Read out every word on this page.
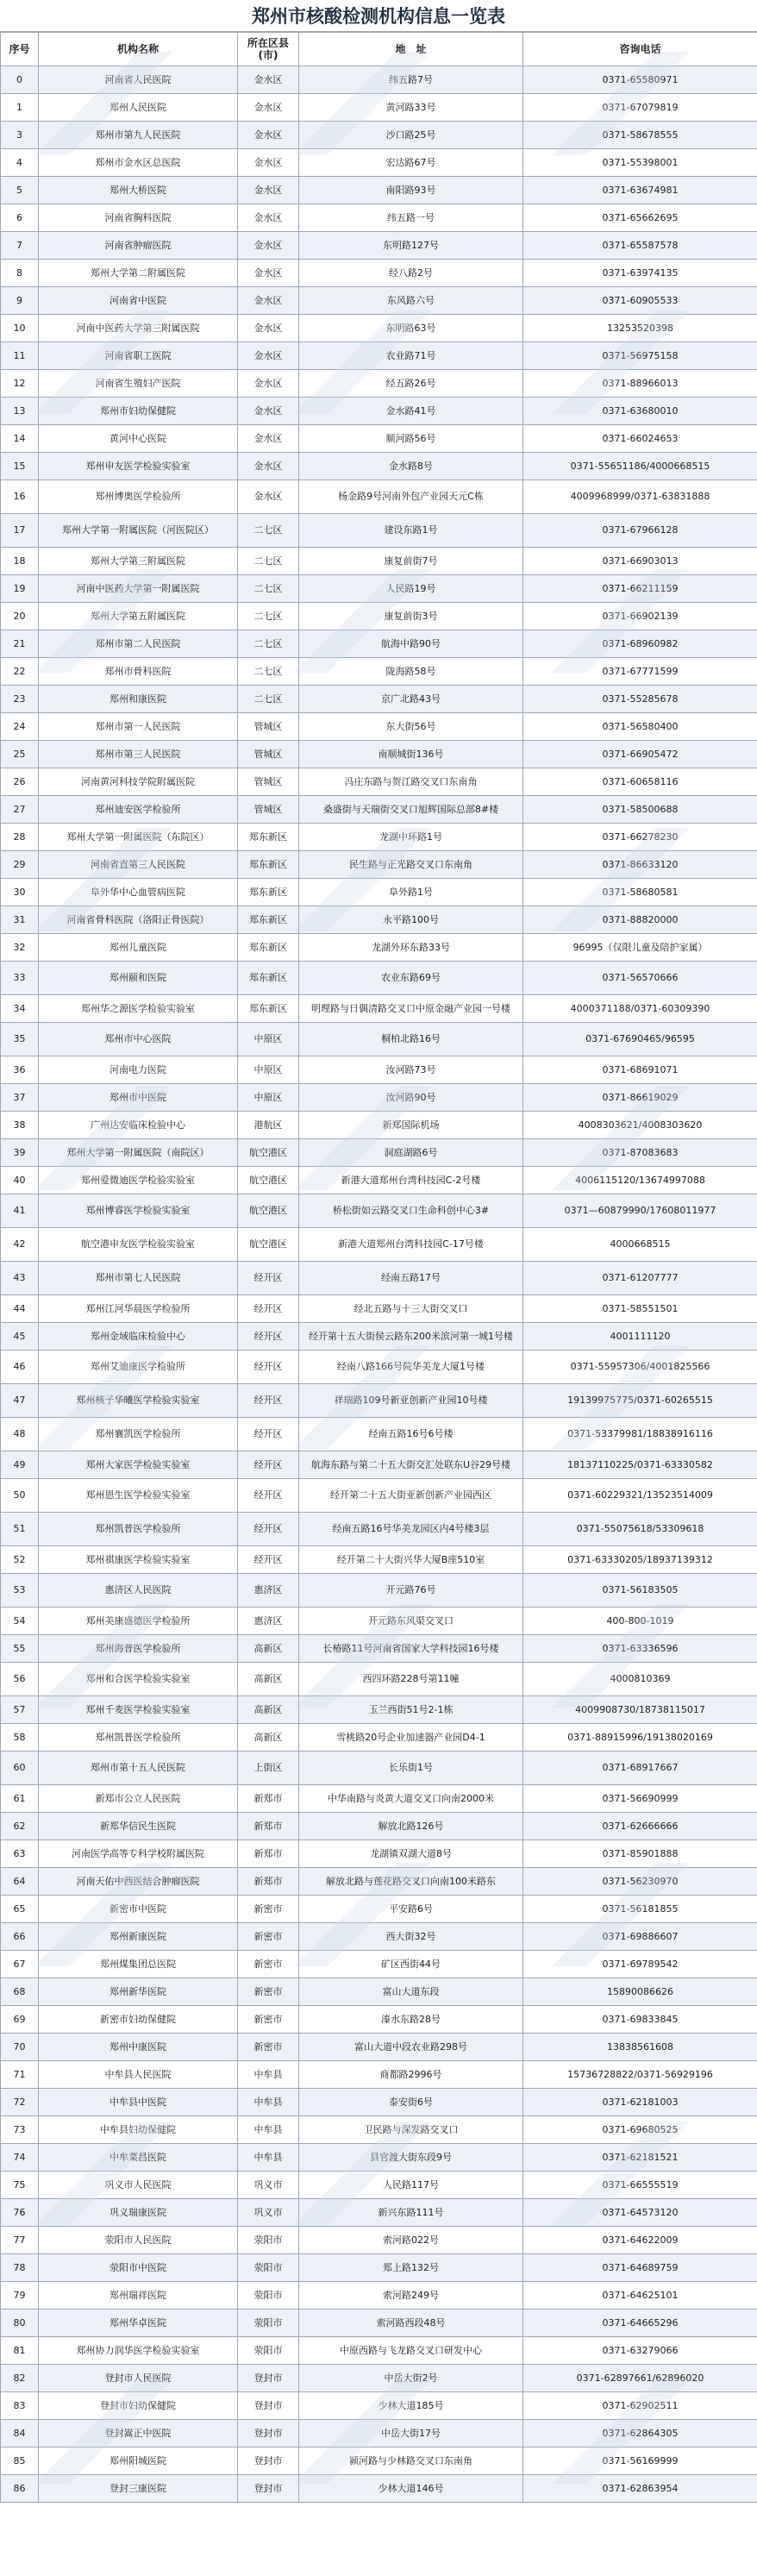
郑州市核酸检测机构信息一览表
序号	机构名称	所在区县(市)	地　址	咨询电话
0	河南省人民医院	金水区	纬五路7号	0371-65580971
1	郑州人民医院	金水区	黄河路33号	0371-67079819
3	郑州市第九人民医院	金水区	沙口路25号	0371-58678555
4	郑州市金水区总医院	金水区	宏达路67号	0371-55398001
5	郑州大桥医院	金水区	南阳路93号	0371-63674981
6	河南省胸科医院	金水区	纬五路一号	0371-65662695
7	河南省肿瘤医院	金水区	东明路127号	0371-65587578
8	郑州大学第二附属医院	金水区	经八路2号	0371-63974135
9	河南省中医院	金水区	东风路六号	0371-60905533
10	河南中医药大学第三附属医院	金水区	东明路63号	13253520398
11	河南省职工医院	金水区	农业路71号	0371-56975158
12	河南省生殖妇产医院	金水区	经五路26号	0371-88966013
13	郑州市妇幼保健院	金水区	金水路41号	0371-63680010
14	黄河中心医院	金水区	顺河路56号	0371-66024653
15	郑州申友医学检验实验室	金水区	金水路8号	0371-55651186/4000668515
16	郑州博奥医学检验所	金水区	杨金路9号河南外包产业园天元C栋	4009968999/0371-63831888
17	郑州大学第一附属医院（河医院区）	二七区	建设东路1号	0371-67966128
18	郑州大学第三附属医院	二七区	康复前街7号	0371-66903013
19	河南中医药大学第一附属医院	二七区	人民路19号	0371-66211159
20	郑州大学第五附属医院	二七区	康复前街3号	0371-66902139
21	郑州市第二人民医院	二七区	航海中路90号	0371-68960982
22	郑州市骨科医院	二七区	陇海路58号	0371-67771599
23	郑州和康医院	二七区	京广北路43号	0371-55285678
24	郑州市第一人民医院	管城区	东大街56号	0371-56580400
25	郑州市第三人民医院	管城区	南顺城街136号	0371-66905472
26	河南黄河科技学院附属医院	管城区	冯庄东路与贺江路交叉口东南角	0371-60658116
27	郑州迪安医学检验所	管城区	桑盛街与天瑞街交叉口旭辉国际总部8#楼	0371-58500688
28	郑州大学第一附属医院（东院区）	郑东新区	龙湖中环路1号	0371-66278230
29	河南省直第三人民医院	郑东新区	民生路与正光路交叉口东南角	0371-86633120
30	阜外华中心血管病医院	郑东新区	阜外路1号	0371-58680581
31	河南省骨科医院（洛阳正骨医院）	郑东新区	永平路100号	0371-88820000
32	郑州儿童医院	郑东新区	龙湖外环东路33号	96995（仅限儿童及陪护家属）
33	郑州颐和医院	郑东新区	农业东路69号	0371-56570666
34	郑州华之源医学检验实验室	郑东新区	明理路与日偶清路交叉口中原金融产业园一号楼	4000371188/0371-60309390
35	郑州市中心医院	中原区	桐柏北路16号	0371-67690465/96595
36	河南电力医院	中原区	汝河路73号	0371-68691071
37	郑州市中医院	中原区	汝河路90号	0371-86619029
38	广州达安临床检验中心	港航区	新郑国际机场	4008303621/4008303620
39	郑州大学第一附属医院（南院区）	航空港区	洞庭湖路6号	0371-87083683
40	郑州爱微迪医学检验实验室	航空港区	新港大道郑州台湾科技园C-2号楼	4006115120/13674997088
41	郑州博睿医学检验实验室	航空港区	桥松街如云路交叉口生命科创中心3#	0371—60879990/17608011977
42	航空港申友医学检验实验室	航空港区	新港大道郑州台湾科技园C-17号楼	4000668515
43	郑州市第七人民医院	经开区	经南五路17号	0371-61207777
44	郑州江河华晨医学检验所	经开区	经北五路与十三大街交叉口	0371-58551501
45	郑州金域临床检验中心	经开区	经开第十五大街侯云路东200米滨河第一城1号楼	4001111120
46	郑州艾迪康医学检验所	经开区	经南八路166号院华美龙大厦1号楼	0371-55957306/4001825566
47	郑州核子华曦医学检验实验室	经开区	祥瑞路109号新亚创新产业园10号楼	19139975775/0371-60265515
48	郑州襄凯医学检验所	经开区	经南五路16号6号楼	0371-53379981/18838916116
49	郑州大家医学检验实验室	经开区	航海东路与第二十五大街交汇处联东U谷29号楼	18137110225/0371-63330582
50	郑州恩生医学检验实验室	经开区	经开第二十五大街亚新创新产业园西区	0371-60229321/13523514009
51	郑州凯普医学检验所	经开区	经南五路16号华美龙园区内4号楼3层	0371-55075618/53309618
52	郑州祺康医学检验实验室	经开区	经开第二十大街兴华大厦B座510室	0371-63330205/18937139312
53	惠济区人民医院	惠济区	开元路76号	0371-56183505
54	郑州美康盛德医学检验所	惠济区	开元路东风渠交叉口	400-800-1019
55	郑州海普医学检验所	高新区	长椿路11号河南省国家大学科技园16号楼	0371-63336596
56	郑州和合医学检验实验室	高新区	西四环路228号第11幢	4000810369
57	郑州千麦医学检验实验室	高新区	玉兰西街51号2-1栋	4009908730/18738115017
58	郑州凯普医学检验所	高新区	雪桃路20号企业加速器产业园D4-1	0371-88915996/19138020169
60	郑州市第十五人民医院	上街区	长乐街1号	0371-68917667
61	新郑市公立人民医院	新郑市	中华南路与炎黄大道交叉口向南2000米	0371-56690999
62	新郑华信民生医院	新郑市	解放北路126号	0371-62666666
63	河南医学高等专科学校附属医院	新郑市	龙湖镇双湖大道8号	0371-85901888
64	河南天佑中西医结合肿瘤医院	新郑市	解放北路与莲花路交叉口向南100米路东	0371-56230970
65	新密市中医院	新密市	平安路6号	0371-56181855
66	郑州新康医院	新密市	西大街32号	0371-69886607
67	郑州煤集团总医院	新密市	矿区西街44号	0371-69789542
68	郑州新华医院	新密市	富山大道东段	15890086626
69	新密市妇幼保健院	新密市	溱水东路28号	0371-69833845
70	郑州中康医院	新密市	富山大道中段农业路298号	13838561608
71	中牟县人民医院	中牟县	商都路2996号	15736728822/0371-56929196
72	中牟县中医院	中牟县	泰安街6号	0371-62181003
73	中牟县妇幼保健院	中牟县	卫民路与深发路交叉口	0371-69680525
74	中牟菜昌医院	中牟县	县官渡大街东段9号	0371-62181521
75	巩义市人民医院	巩义市	人民路117号	0371-66555519
76	巩义瑞康医院	巩义市	新兴东路111号	0371-64573120
77	荥阳市人民医院	荥阳市	索河路022号	0371-64622009
78	荥阳市中医院	荥阳市	郑上路132号	0371-64689759
79	郑州瑞祥医院	荥阳市	索河路249号	0371-64625101
80	郑州华卓医院	荥阳市	索河路西段48号	0371-64665296
81	郑州协力润华医学检验实验室	荥阳市	中原西路与飞龙路交叉口研发中心	0371-63279066
82	登封市人民医院	登封市	中岳大街2号	0371-62897661/62896020
83	登封市妇幼保健院	登封市	少林大道185号	0371-62902511
84	登封嵩正中医院	登封市	中岳大街17号	0371-62864305
85	郑州阳城医院	登封市	颍河路与少林路交叉口东南角	0371-56169999
86	登封三康医院	登封市	少林大道146号	0371-62863954
